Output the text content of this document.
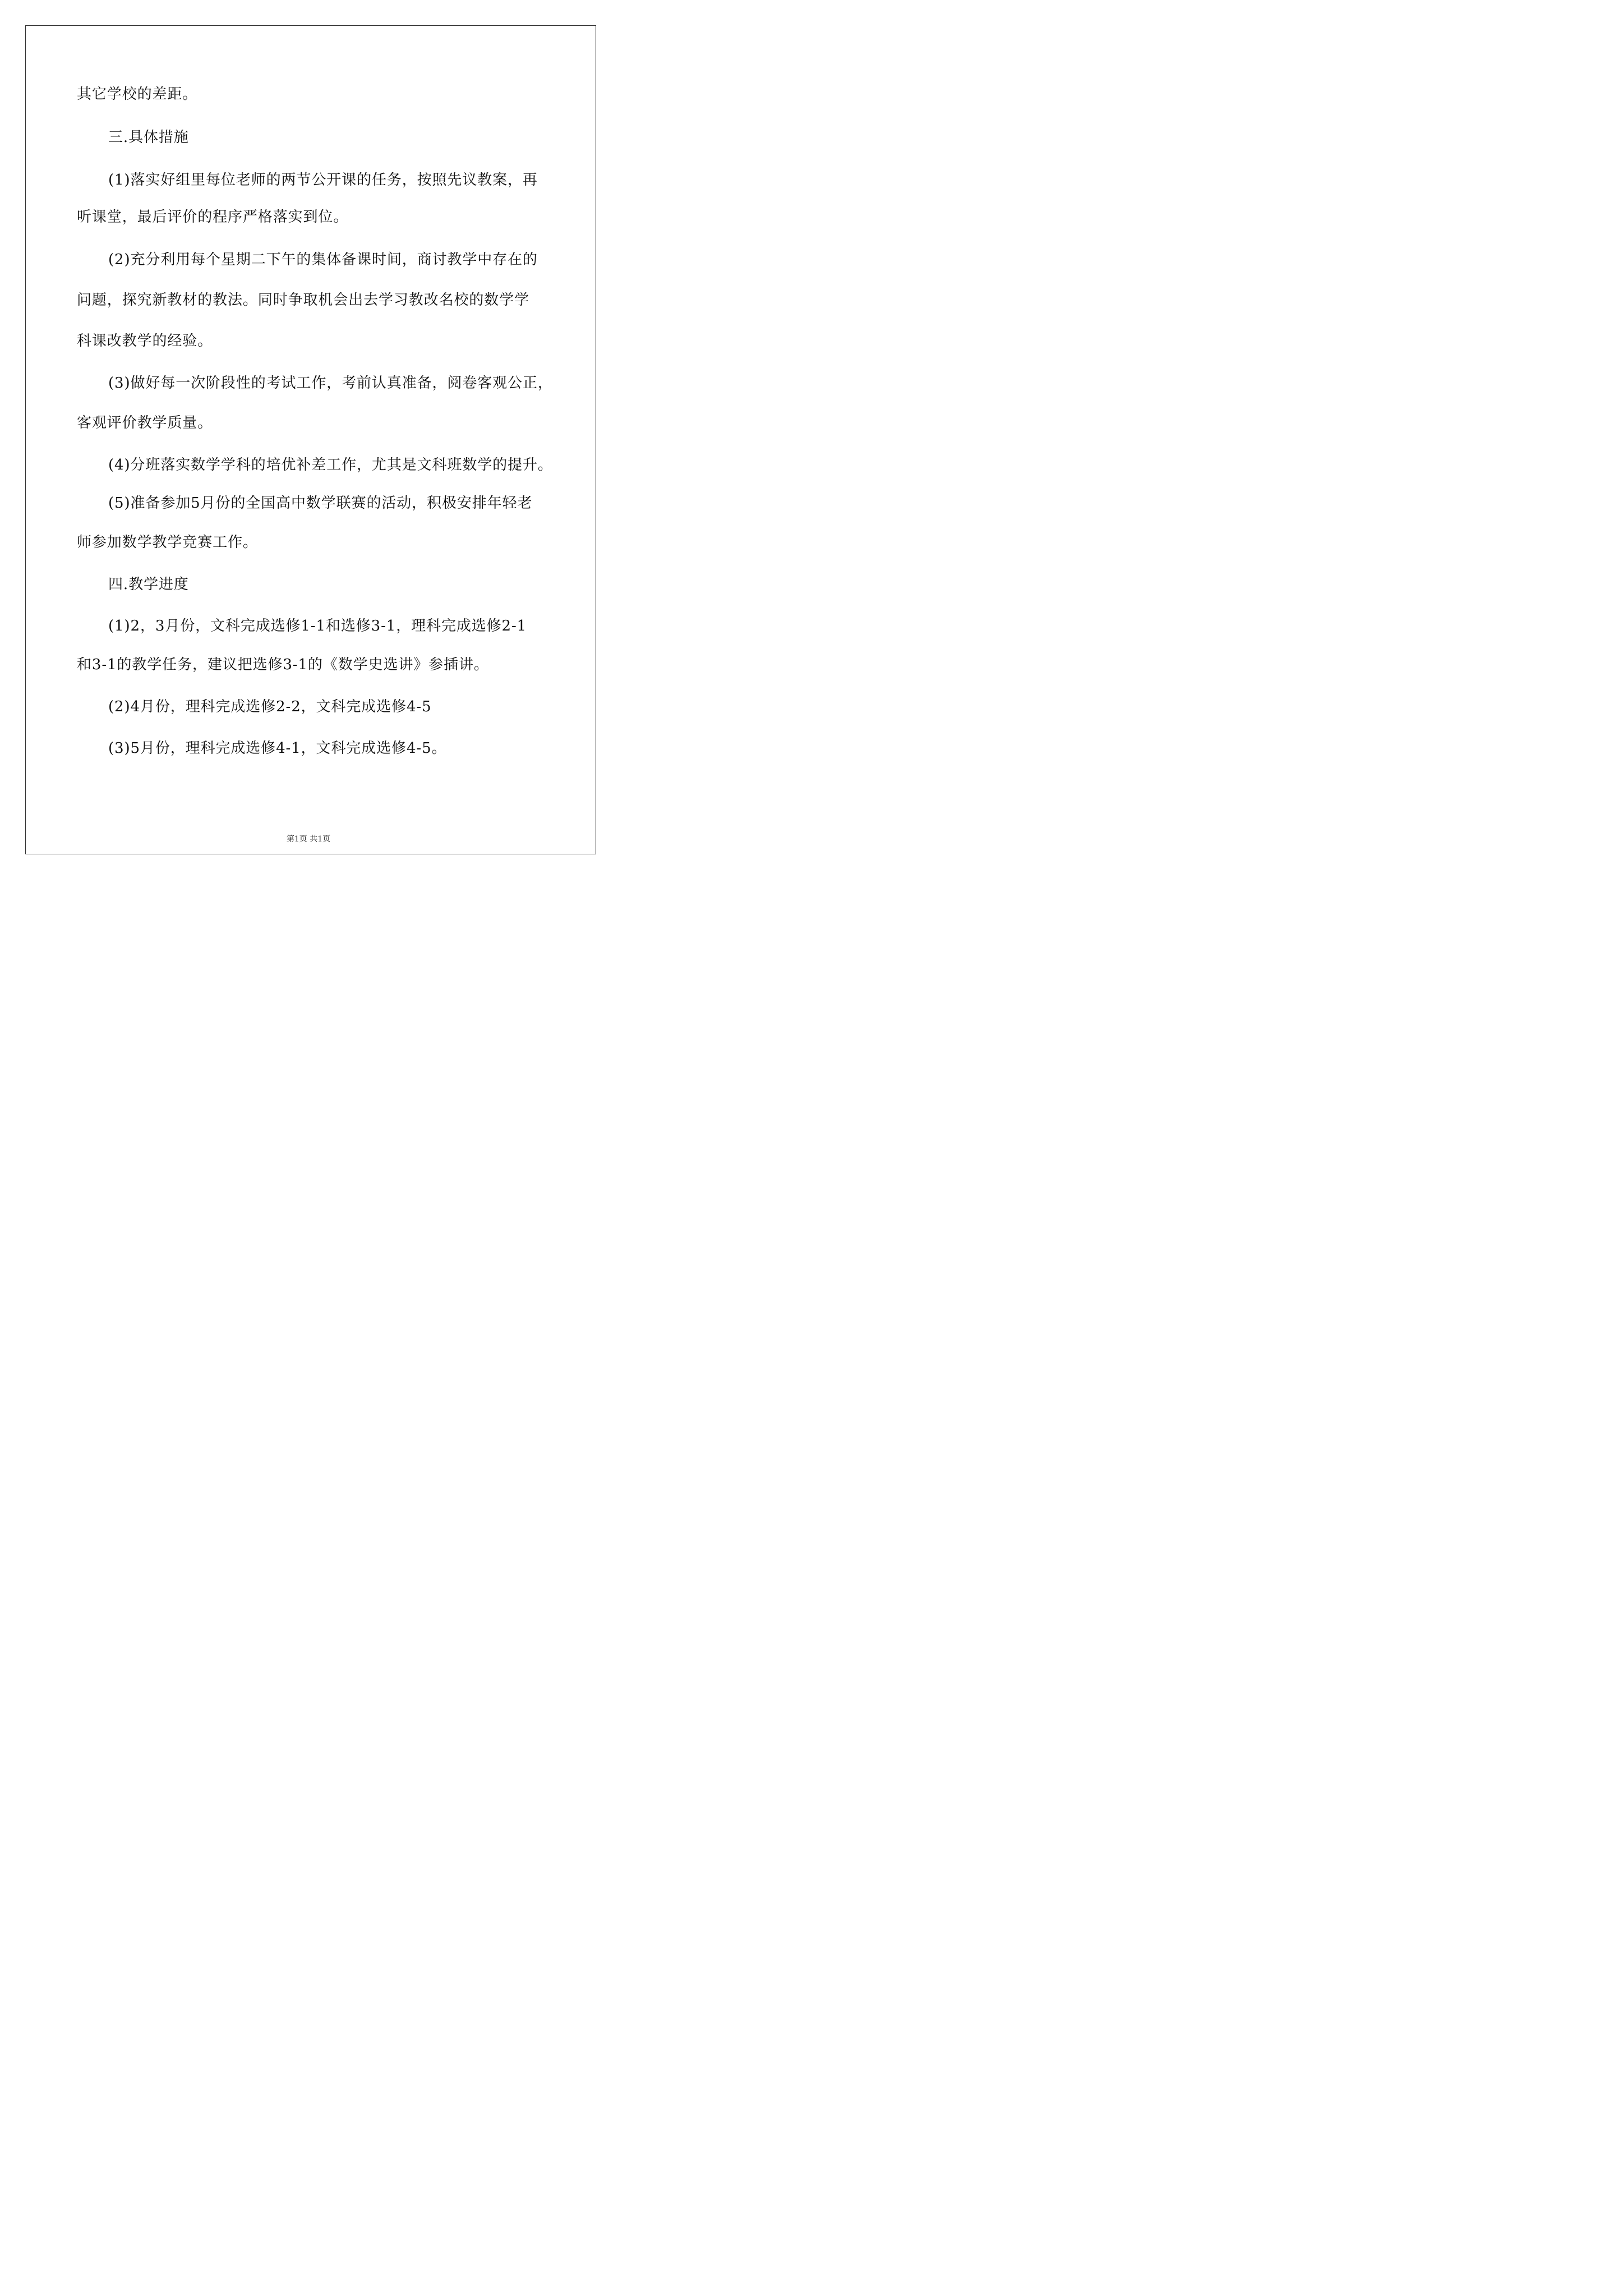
其它学校的差距。
三.具体措施
(1)落实好组里每位老师的两节公开课的任务，按照先议教案，再
听课堂，最后评价的程序严格落实到位。
(2)充分利用每个星期二下午的集体备课时间，商讨教学中存在的
问题，探究新教材的教法。同时争取机会出去学习教改名校的数学学
科课改教学的经验。
(3)做好每一次阶段性的考试工作，考前认真准备，阅卷客观公正，
客观评价教学质量。
(4)分班落实数学学科的培优补差工作，尤其是文科班数学的提升。
(5)准备参加5月份的全国高中数学联赛的活动，积极安排年轻老
师参加数学教学竞赛工作。
四.教学进度
(1)2，3月份，文科完成选修1-1和选修3-1，理科完成选修2-1
和3-1的教学任务，建议把选修3-1的《数学史选讲》参插讲。
(2)4月份，理科完成选修2-2，文科完成选修4-5
(3)5月份，理科完成选修4-1，文科完成选修4-5。
第1页 共1页
